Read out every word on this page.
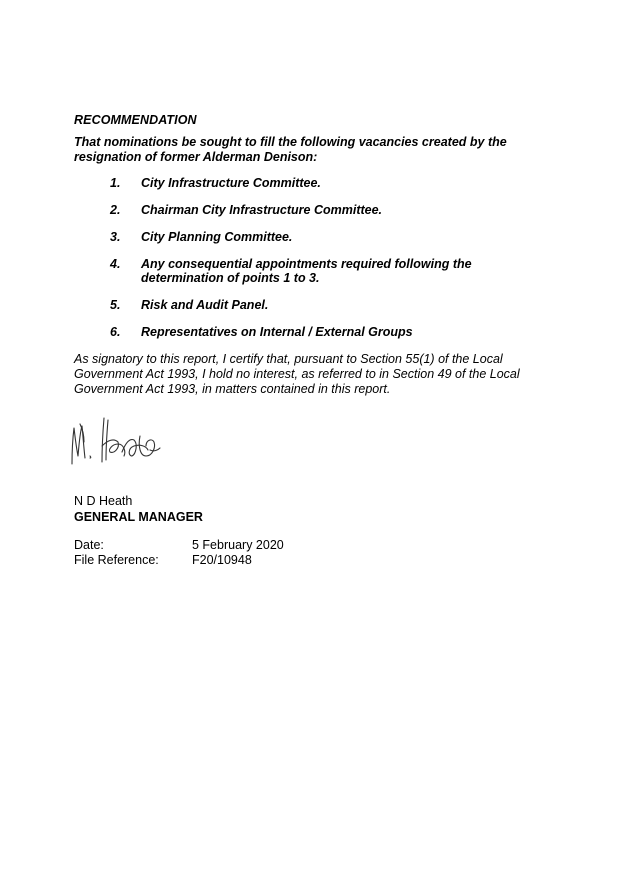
RECOMMENDATION
That nominations be sought to fill the following vacancies created by the resignation of former Alderman Denison:
1.	City Infrastructure Committee.
2.	Chairman City Infrastructure Committee.
3.	City Planning Committee.
4.	Any consequential appointments required following the determination of points 1 to 3.
5.	Risk and Audit Panel.
6.	Representatives on Internal / External Groups
As signatory to this report, I certify that, pursuant to Section 55(1) of the Local Government Act 1993, I hold no interest, as referred to in Section 49 of the Local Government Act 1993, in matters contained in this report.
N D Heath
GENERAL MANAGER
Date:	5 February 2020
File Reference:	F20/10948
